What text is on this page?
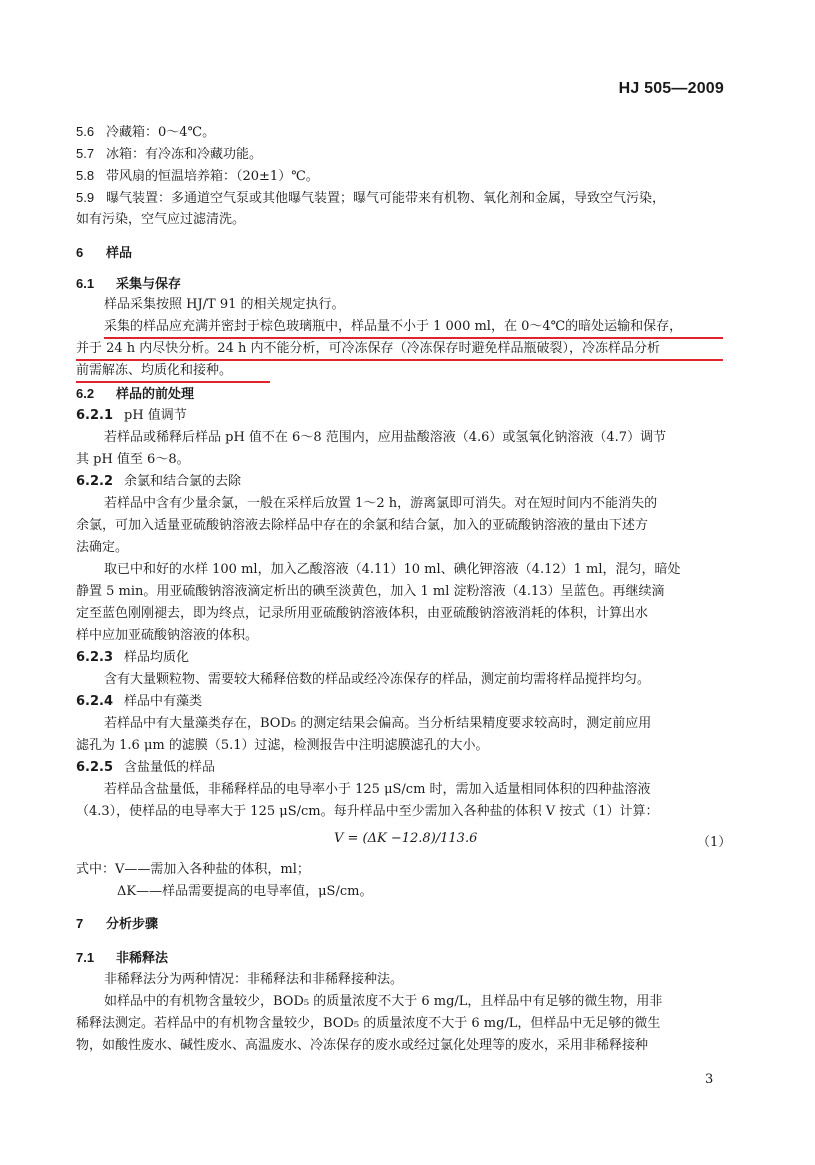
HJ 505—2009
5.6 冷藏箱：0～4℃。
5.7 冰箱：有冷冻和冷藏功能。
5.8 带风扇的恒温培养箱：（20±1）℃。
5.9 曝气装置：多通道空气泵或其他曝气装置；曝气可能带来有机物、氧化剂和金属，导致空气污染，
如有污染，空气应过滤清洗。
6 样品
6.1 采集与保存
样品采集按照 HJ/T 91 的相关规定执行。
采集的样品应充满并密封于棕色玻璃瓶中，样品量不小于 1 000 ml，在 0～4℃的暗处运输和保存，
并于 24 h 内尽快分析。24 h 内不能分析，可冷冻保存（冷冻保存时避免样品瓶破裂），冷冻样品分析
前需解冻、均质化和接种。
6.2 样品的前处理
6.2.1 pH 值调节
若样品或稀释后样品 pH 值不在 6～8 范围内，应用盐酸溶液（4.6）或氢氧化钠溶液（4.7）调节
其 pH 值至 6～8。
6.2.2 余氯和结合氯的去除
若样品中含有少量余氯，一般在采样后放置 1～2 h，游离氯即可消失。对在短时间内不能消失的
余氯，可加入适量亚硫酸钠溶液去除样品中存在的余氯和结合氯，加入的亚硫酸钠溶液的量由下述方
法确定。
取已中和好的水样 100 ml，加入乙酸溶液（4.11）10 ml、碘化钾溶液（4.12）1 ml，混匀，暗处
静置 5 min。用亚硫酸钠溶液滴定析出的碘至淡黄色，加入 1 ml 淀粉溶液（4.13）呈蓝色。再继续滴
定至蓝色刚刚褪去，即为终点，记录所用亚硫酸钠溶液体积，由亚硫酸钠溶液消耗的体积，计算出水
样中应加亚硫酸钠溶液的体积。
6.2.3 样品均质化
含有大量颗粒物、需要较大稀释倍数的样品或经冷冻保存的样品，测定前均需将样品搅拌均匀。
6.2.4 样品中有藻类
若样品中有大量藻类存在，BOD₅ 的测定结果会偏高。当分析结果精度要求较高时，测定前应用
滤孔为 1.6 μm 的滤膜（5.1）过滤，检测报告中注明滤膜滤孔的大小。
6.2.5 含盐量低的样品
若样品含盐量低，非稀释样品的电导率小于 125 μS/cm 时，需加入适量相同体积的四种盐溶液
（4.3），使样品的电导率大于 125 μS/cm。每升样品中至少需加入各种盐的体积 V 按式（1）计算：
V = (ΔK −12.8)/113.6	（1）
式中：V——需加入各种盐的体积，ml；
ΔK——样品需要提高的电导率值，μS/cm。
7 分析步骤
7.1 非稀释法
非稀释法分为两种情况：非稀释法和非稀释接种法。
如样品中的有机物含量较少，BOD₅ 的质量浓度不大于 6 mg/L，且样品中有足够的微生物，用非
稀释法测定。若样品中的有机物含量较少，BOD₅ 的质量浓度不大于 6 mg/L，但样品中无足够的微生
物，如酸性废水、碱性废水、高温废水、冷冻保存的废水或经过氯化处理等的废水，采用非稀释接种
3
